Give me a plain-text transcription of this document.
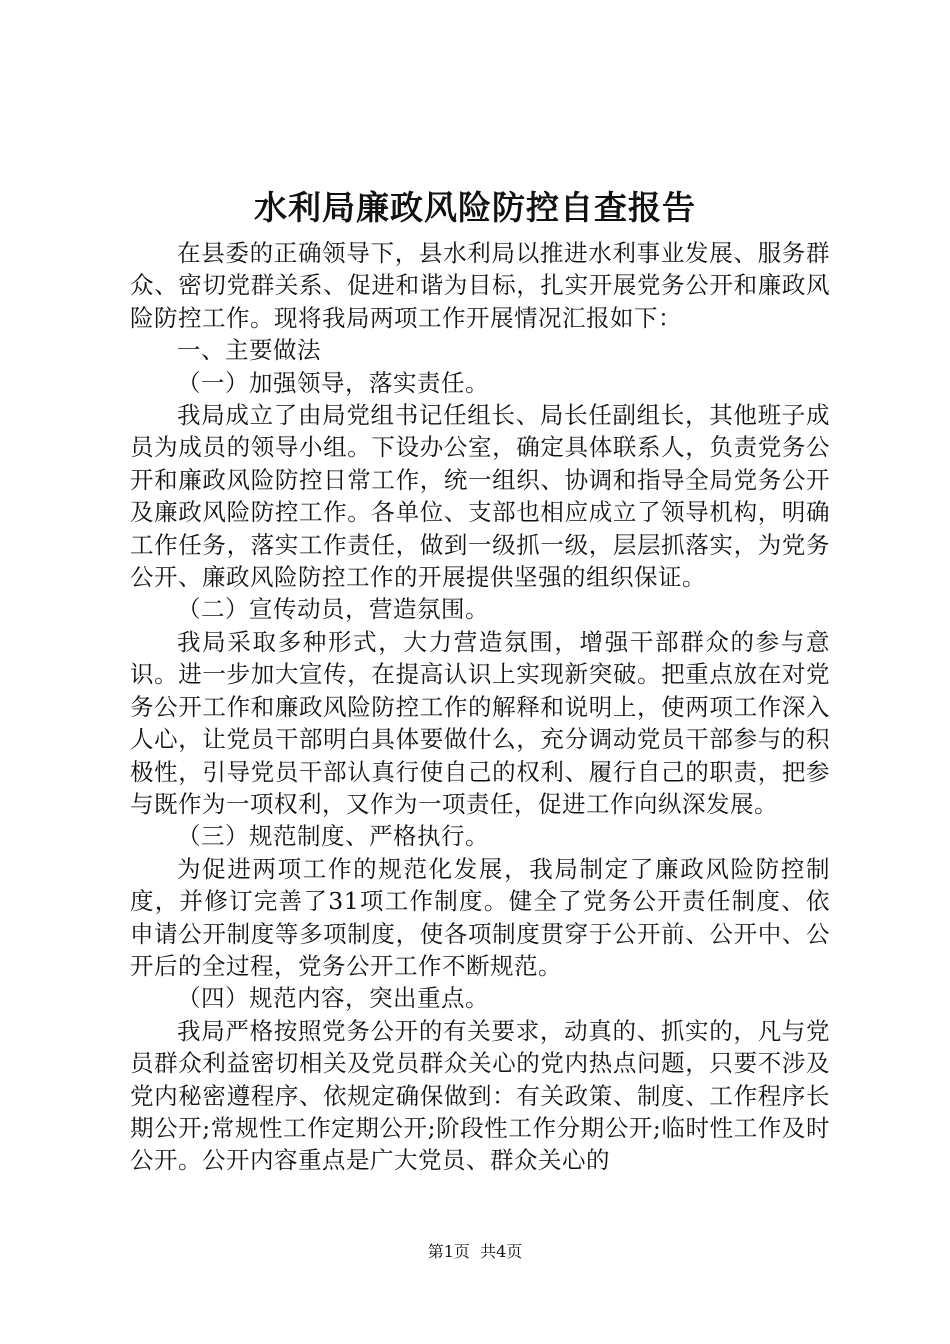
水利局廉政风险防控自查报告

在县委的正确领导下，县水利局以推进水利事业发展、服务群众、密切党群关系、促进和谐为目标，扎实开展党务公开和廉政风险防控工作。现将我局两项工作开展情况汇报如下：

一、主要做法

（一）加强领导，落实责任。

我局成立了由局党组书记任组长、局长任副组长，其他班子成员为成员的领导小组。下设办公室，确定具体联系人，负责党务公开和廉政风险防控日常工作，统一组织、协调和指导全局党务公开及廉政风险防控工作。各单位、支部也相应成立了领导机构，明确工作任务，落实工作责任，做到一级抓一级，层层抓落实，为党务公开、廉政风险防控工作的开展提供坚强的组织保证。

（二）宣传动员，营造氛围。

我局采取多种形式，大力营造氛围，增强干部群众的参与意识。进一步加大宣传，在提高认识上实现新突破。把重点放在对党务公开工作和廉政风险防控工作的解释和说明上，使两项工作深入人心，让党员干部明白具体要做什么，充分调动党员干部参与的积极性，引导党员干部认真行使自己的权利、履行自己的职责，把参与既作为一项权利，又作为一项责任，促进工作向纵深发展。

（三）规范制度、严格执行。

为促进两项工作的规范化发展，我局制定了廉政风险防控制度，并修订完善了31项工作制度。健全了党务公开责任制度、依申请公开制度等多项制度，使各项制度贯穿于公开前、公开中、公开后的全过程，党务公开工作不断规范。

（四）规范内容，突出重点。

我局严格按照党务公开的有关要求，动真的、抓实的，凡与党员群众利益密切相关及党员群众关心的党内热点问题，只要不涉及党内秘密遵程序、依规定确保做到：有关政策、制度、工作程序长期公开;常规性工作定期公开;阶段性工作分期公开;临时性工作及时公开。公开内容重点是广大党员、群众关心的

第1页  共4页
